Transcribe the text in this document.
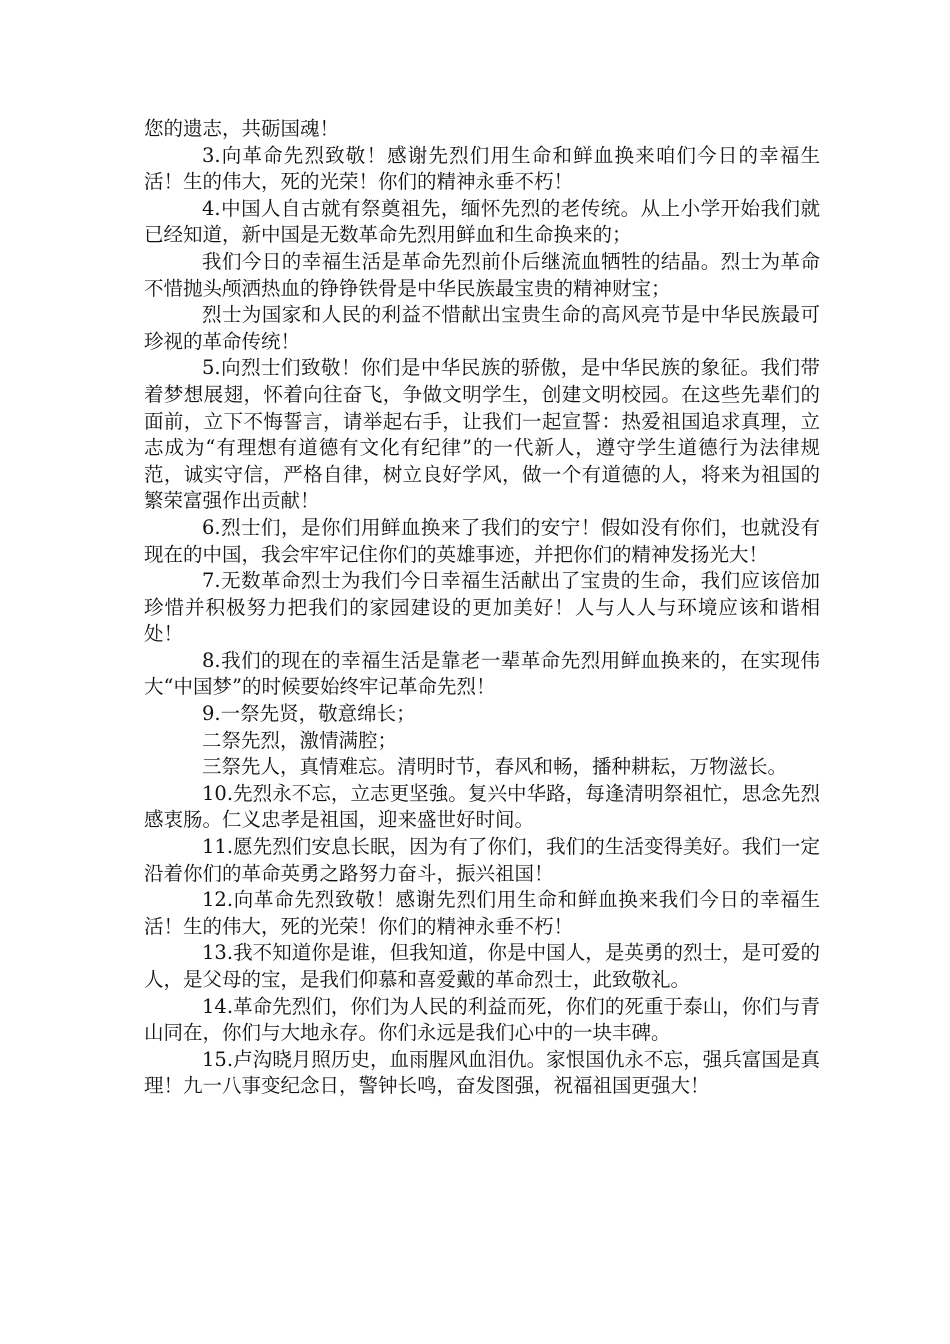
您的遗志，共砺国魂！

3.向革命先烈致敬！感谢先烈们用生命和鲜血换来咱们今日的幸福生活！生的伟大，死的光荣！你们的精神永垂不朽！

4.中国人自古就有祭奠祖先，缅怀先烈的老传统。从上小学开始我们就已经知道，新中国是无数革命先烈用鲜血和生命换来的；

我们今日的幸福生活是革命先烈前仆后继流血牺牲的结晶。烈士为革命不惜抛头颅洒热血的铮铮铁骨是中华民族最宝贵的精神财宝；

烈士为国家和人民的利益不惜献出宝贵生命的高风亮节是中华民族最可珍视的革命传统！

5.向烈士们致敬！你们是中华民族的骄傲，是中华民族的象征。我们带着梦想展翅，怀着向往奋飞，争做文明学生，创建文明校园。在这些先辈们的面前，立下不悔誓言，请举起右手，让我们一起宣誓：热爱祖国追求真理，立志成为“有理想有道德有文化有纪律”的一代新人，遵守学生道德行为法律规范，诚实守信，严格自律，树立良好学风，做一个有道德的人，将来为祖国的繁荣富强作出贡献！

6.烈士们，是你们用鲜血换来了我们的安宁！假如没有你们，也就没有现在的中国，我会牢牢记住你们的英雄事迹，并把你们的精神发扬光大！

7.无数革命烈士为我们今日幸福生活献出了宝贵的生命，我们应该倍加珍惜并积极努力把我们的家园建设的更加美好！人与人人与环境应该和谐相处！

8.我们的现在的幸福生活是靠老一辈革命先烈用鲜血换来的，在实现伟大“中国梦”的时候要始终牢记革命先烈！

9.一祭先贤，敬意绵长；

二祭先烈，激情满腔；

三祭先人，真情难忘。清明时节，春风和畅，播种耕耘，万物滋长。

10.先烈永不忘，立志更坚強。复兴中华路，每逢清明祭祖忙，思念先烈感衷肠。仁义忠孝是祖国，迎来盛世好时间。

11.愿先烈们安息长眠，因为有了你们，我们的生活变得美好。我们一定沿着你们的革命英勇之路努力奋斗，振兴祖国！

12.向革命先烈致敬！感谢先烈们用生命和鲜血换来我们今日的幸福生活！生的伟大，死的光荣！你们的精神永垂不朽！

13.我不知道你是谁，但我知道，你是中国人，是英勇的烈士，是可爱的人，是父母的宝，是我们仰慕和喜爱戴的革命烈士，此致敬礼。

14.革命先烈们，你们为人民的利益而死，你们的死重于泰山，你们与青山同在，你们与大地永存。你们永远是我们心中的一块丰碑。

15.卢沟晓月照历史，血雨腥风血泪仇。家恨国仇永不忘，强兵富国是真理！九一八事变纪念日，警钟长鸣，奋发图强，祝福祖国更强大！
